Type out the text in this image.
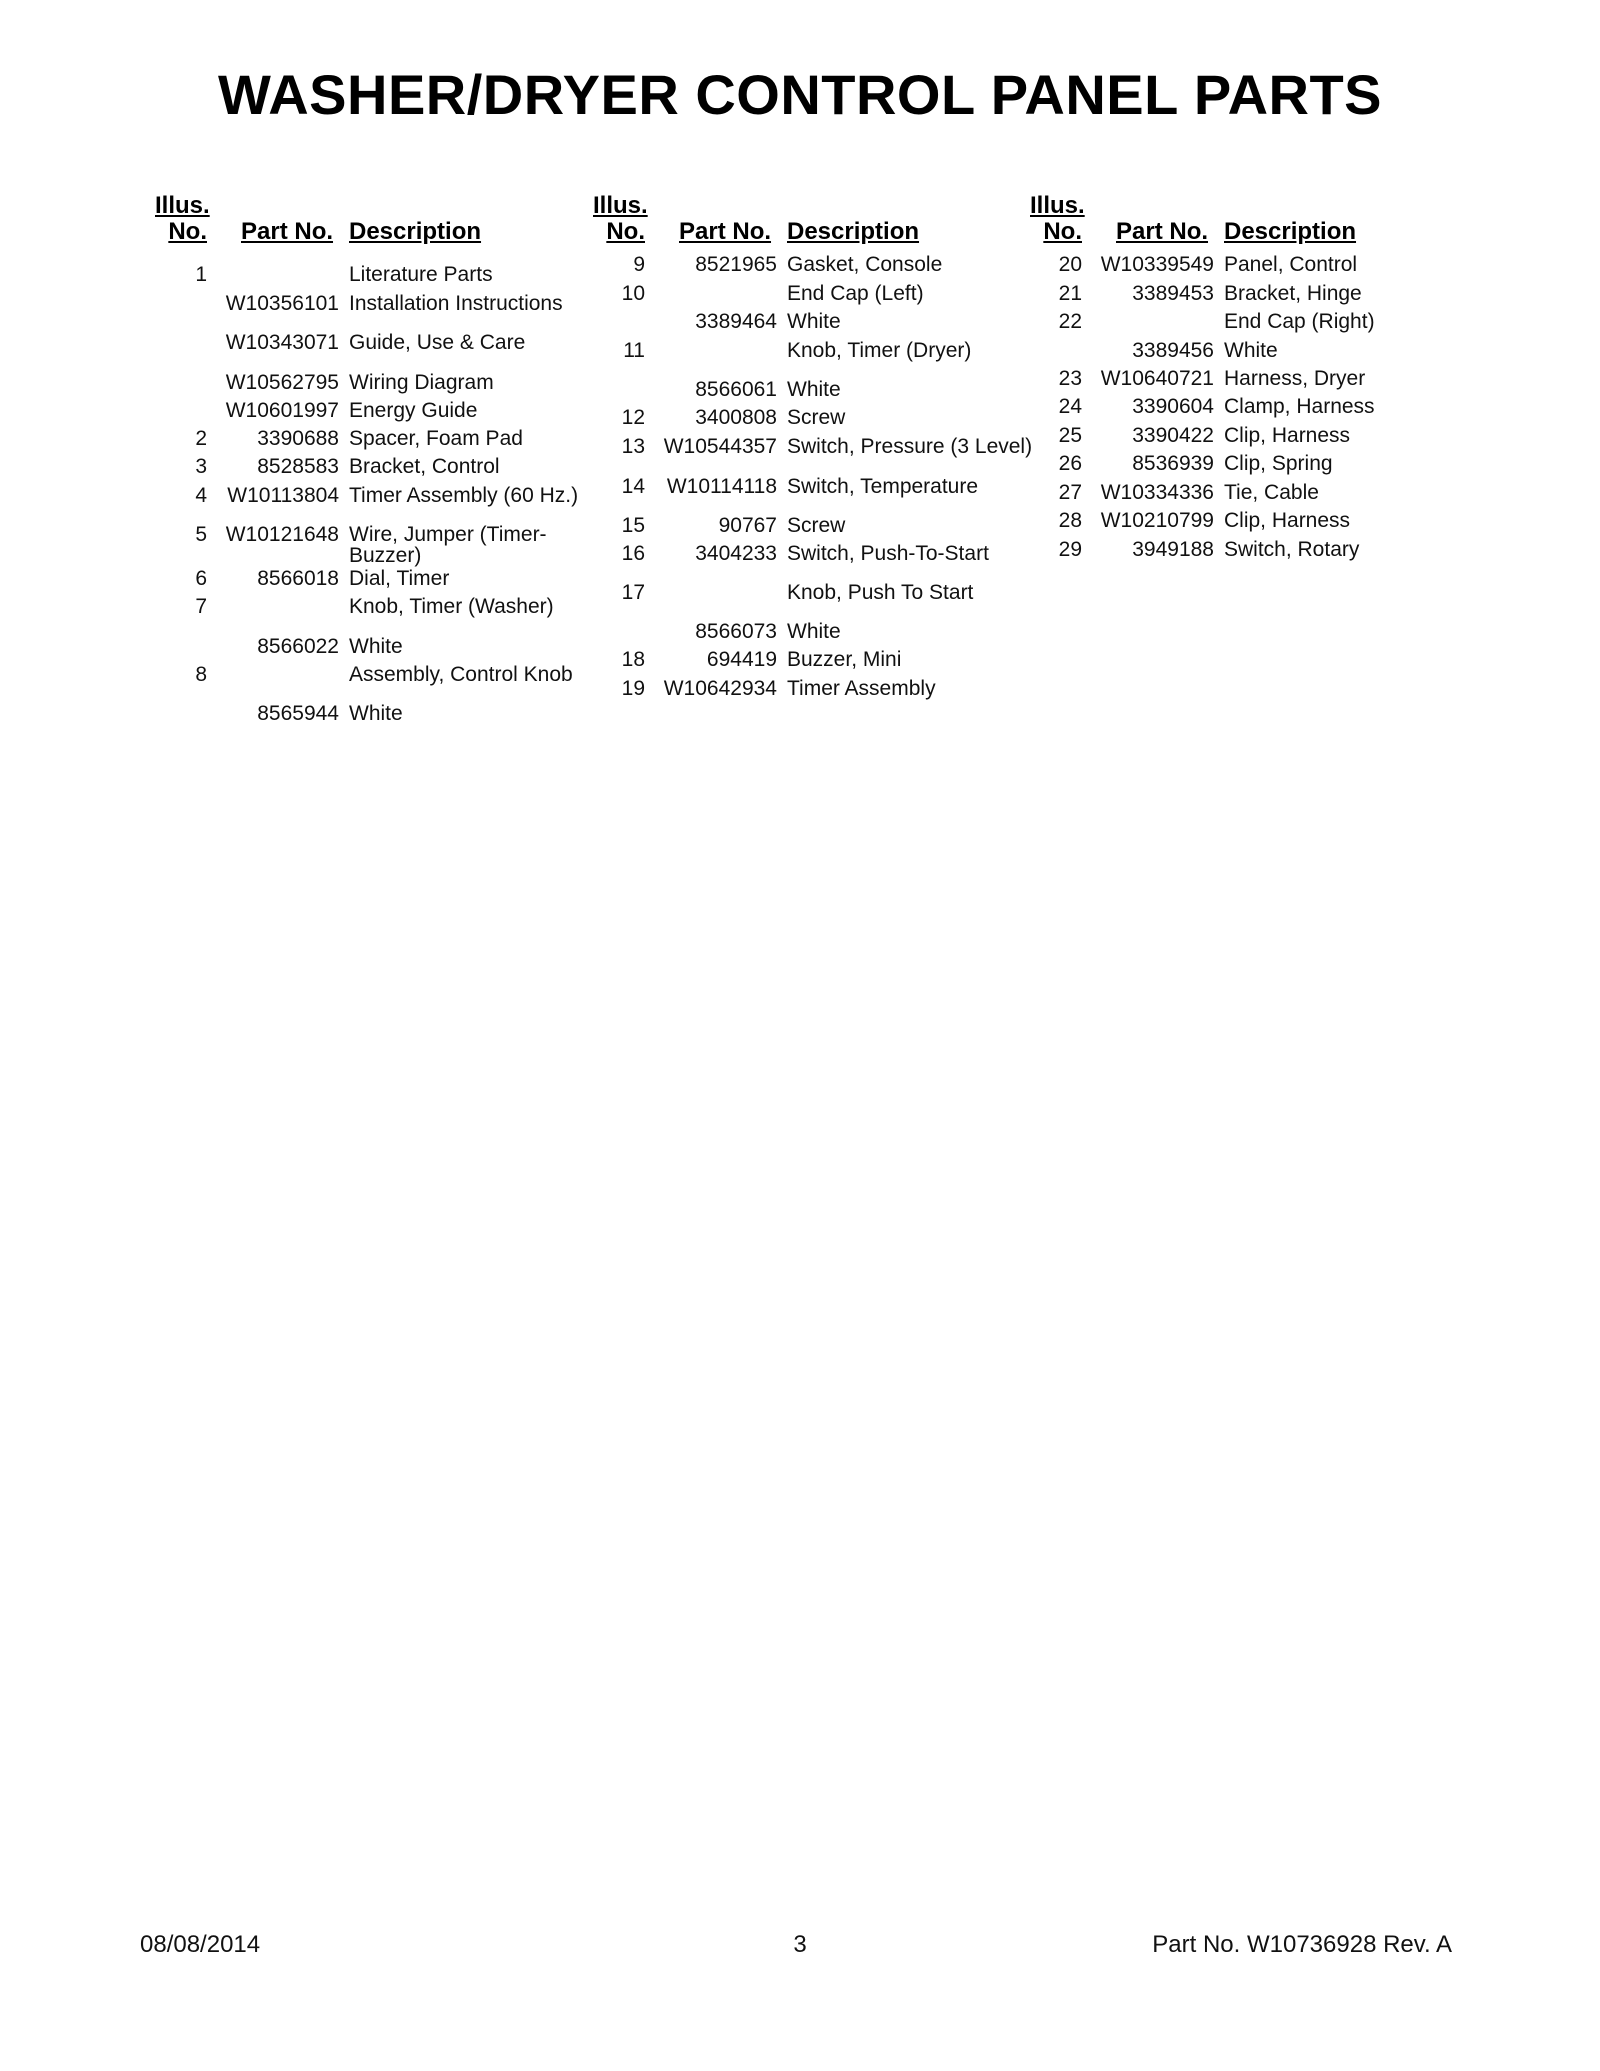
WASHER/DRYER CONTROL PANEL PARTS
Illus.
No. Part No. Description
1	Literature Parts
W10356101 Installation Instructions
W10343071 Guide, Use & Care
W10562795 Wiring Diagram
W10601997 Energy Guide
2	3390688 Spacer, Foam Pad
3	8528583 Bracket, Control
4 W10113804 Timer Assembly (60 Hz.)
5 W10121648 Wire, Jumper (Timer-Buzzer)
6	8566018 Dial, Timer
7	Knob, Timer (Washer)
8566022 White
8	Assembly, Control Knob
8565944 White
Illus.
No. Part No. Description
9	8521965 Gasket, Console
10	End Cap (Left)
3389464 White
11	Knob, Timer (Dryer)
8566061 White
12	3400808 Screw
13 W10544357 Switch, Pressure (3 Level)
14	W10114118 Switch, Temperature
15	90767 Screw
16	3404233 Switch, Push-To-Start
17	Knob, Push To Start
8566073 White
18	694419 Buzzer, Mini
19 W10642934 Timer Assembly
Illus.
No. Part No. Description
20 W10339549 Panel, Control
21	3389453 Bracket, Hinge
22	End Cap (Right)
3389456 White
23 W10640721 Harness, Dryer
24	3390604 Clamp, Harness
25	3390422 Clip, Harness
26	8536939 Clip, Spring
27 W10334336 Tie, Cable
28 W10210799 Clip, Harness
29	3949188 Switch, Rotary
08/08/2014	3	Part No. W10736928 Rev. A
